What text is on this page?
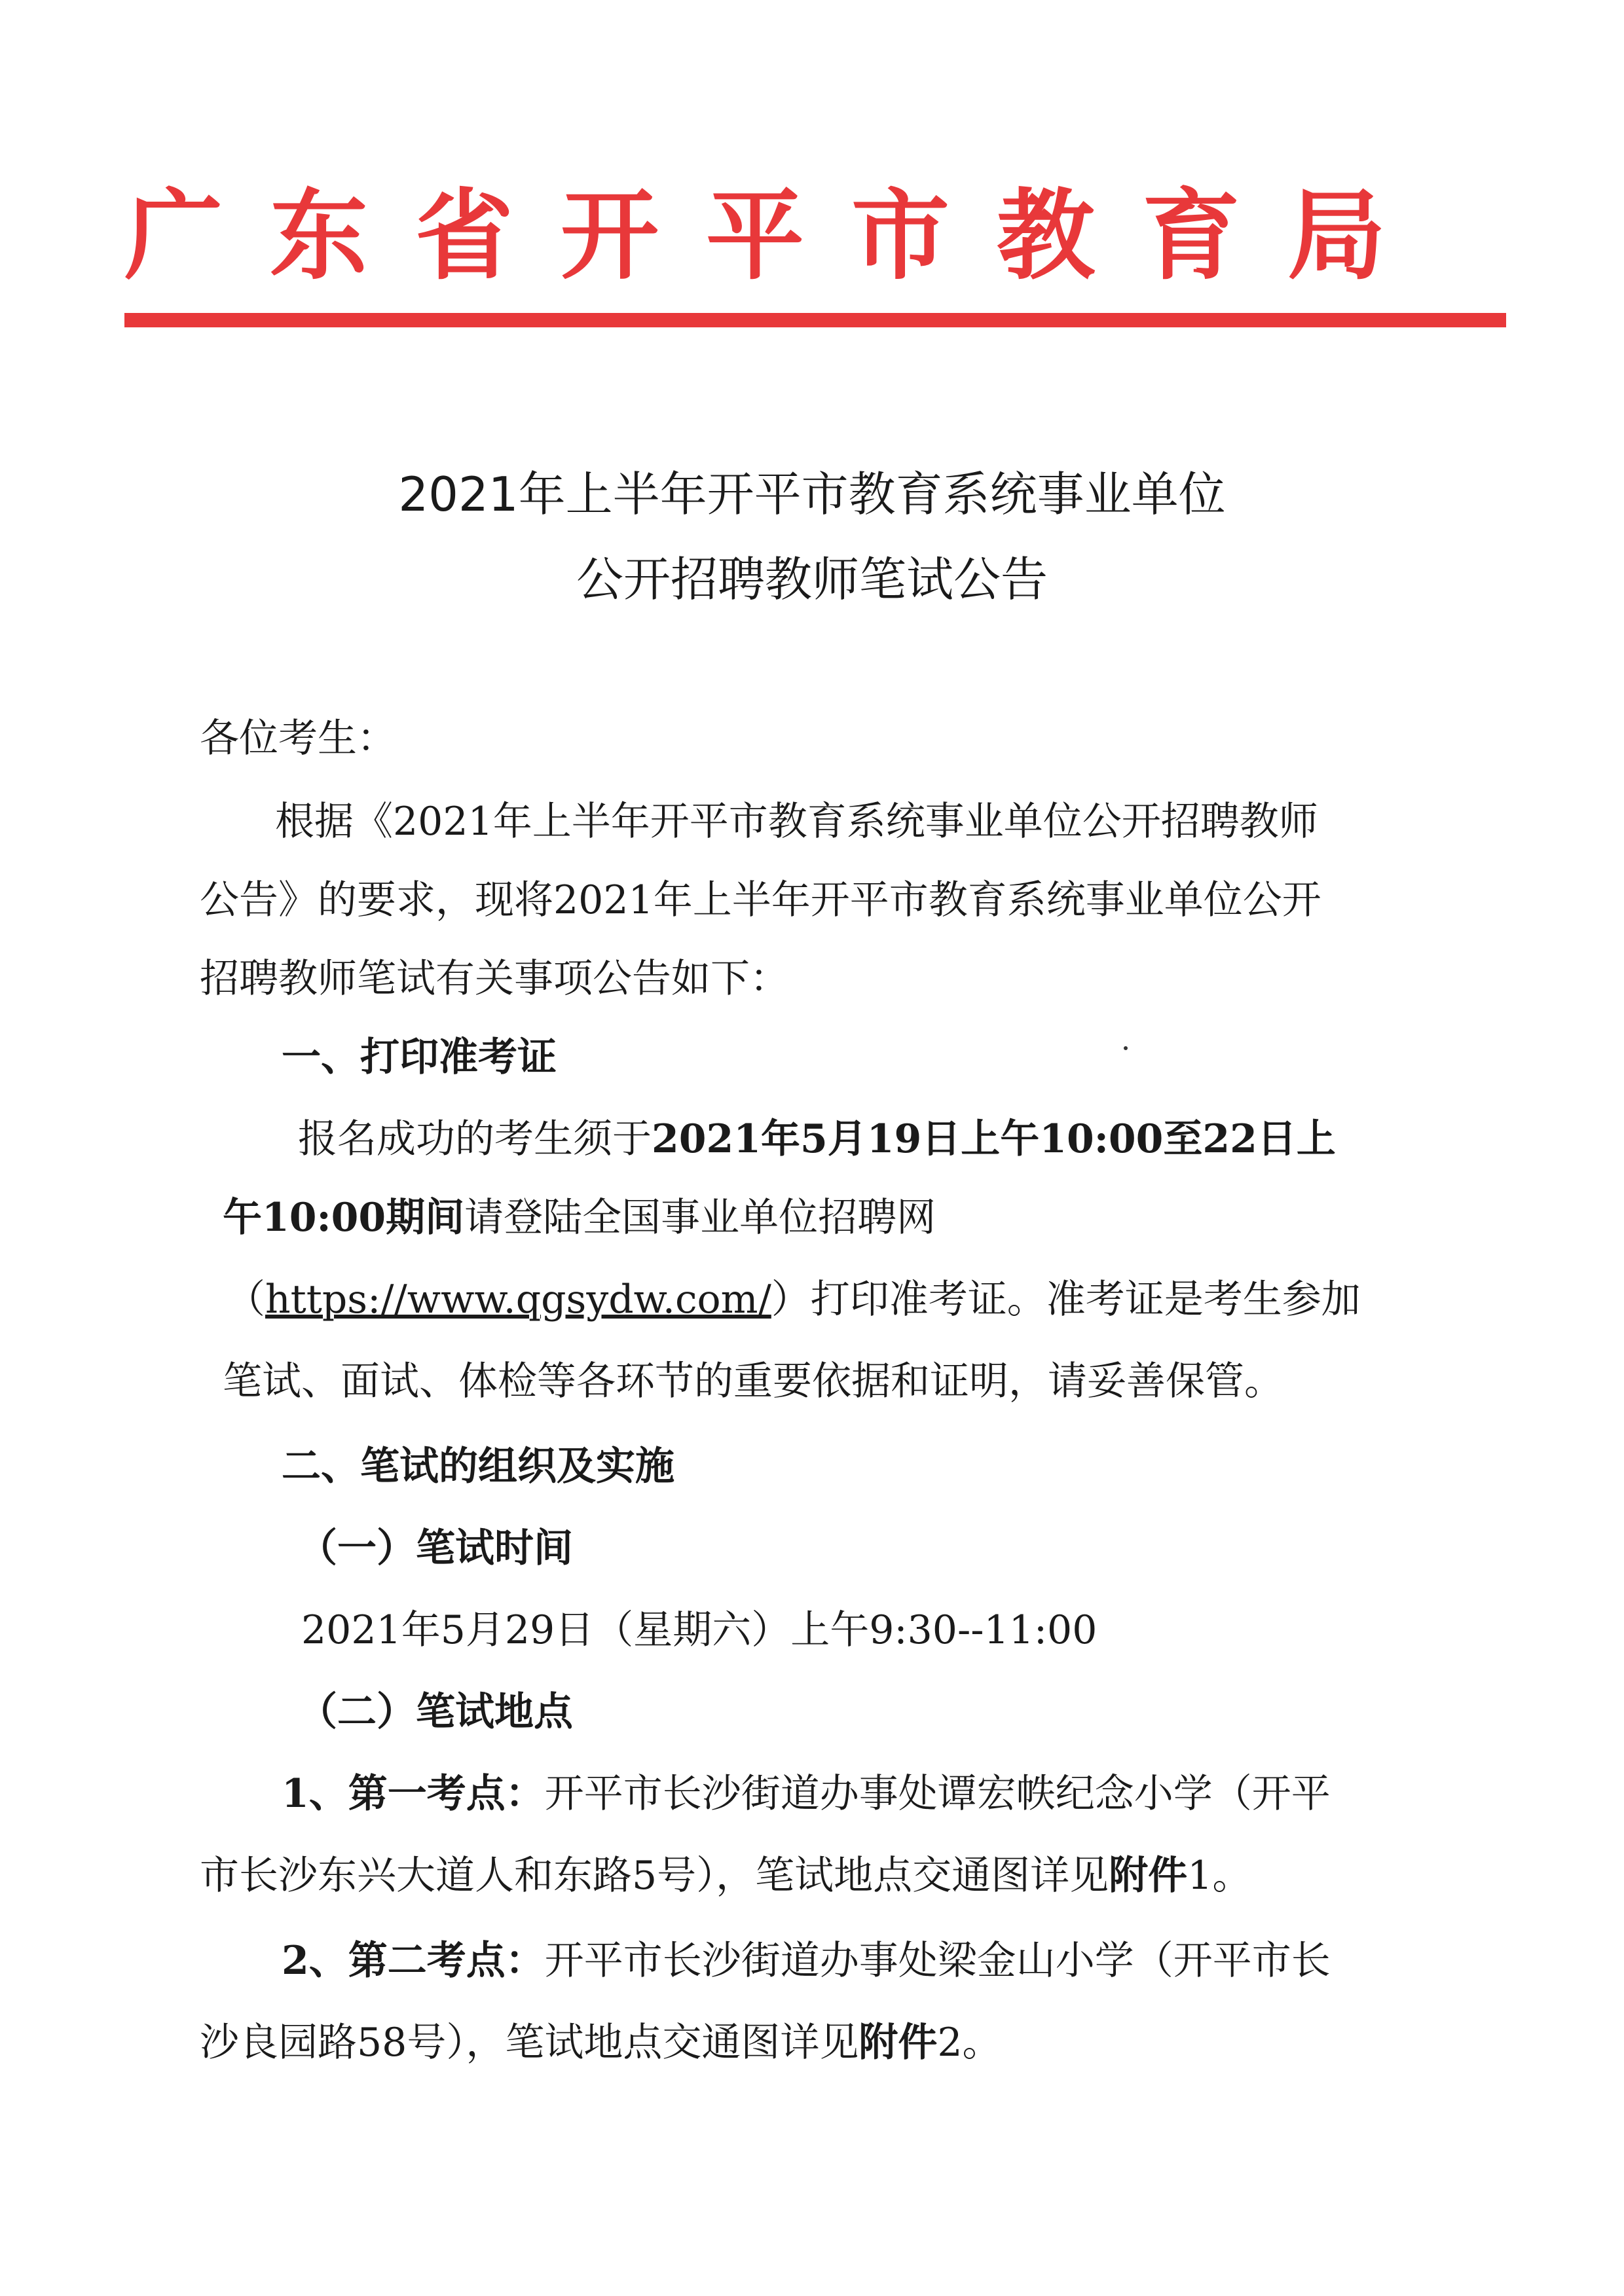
广东省开平市教育局
2021年上半年开平市教育系统事业单位
公开招聘教师笔试公告
各位考生：
根据《2021年上半年开平市教育系统事业单位公开招聘教师
公告》的要求，现将2021年上半年开平市教育系统事业单位公开
招聘教师笔试有关事项公告如下：
一、打印准考证
报名成功的考生须于2021年5月19日上午10:00至22日上
午10:00期间请登陆全国事业单位招聘网
（https://www.qgsydw.com/）打印准考证。准考证是考生参加
笔试、面试、体检等各环节的重要依据和证明，请妥善保管。
二、笔试的组织及实施
（一）笔试时间
2021年5月29日（星期六）上午9:30--11:00
（二）笔试地点
1、第一考点：开平市长沙街道办事处谭宏帙纪念小学（开平
市长沙东兴大道人和东路5号），笔试地点交通图详见附件1。
2、第二考点：开平市长沙街道办事处梁金山小学（开平市长
沙良园路58号），笔试地点交通图详见附件2。
